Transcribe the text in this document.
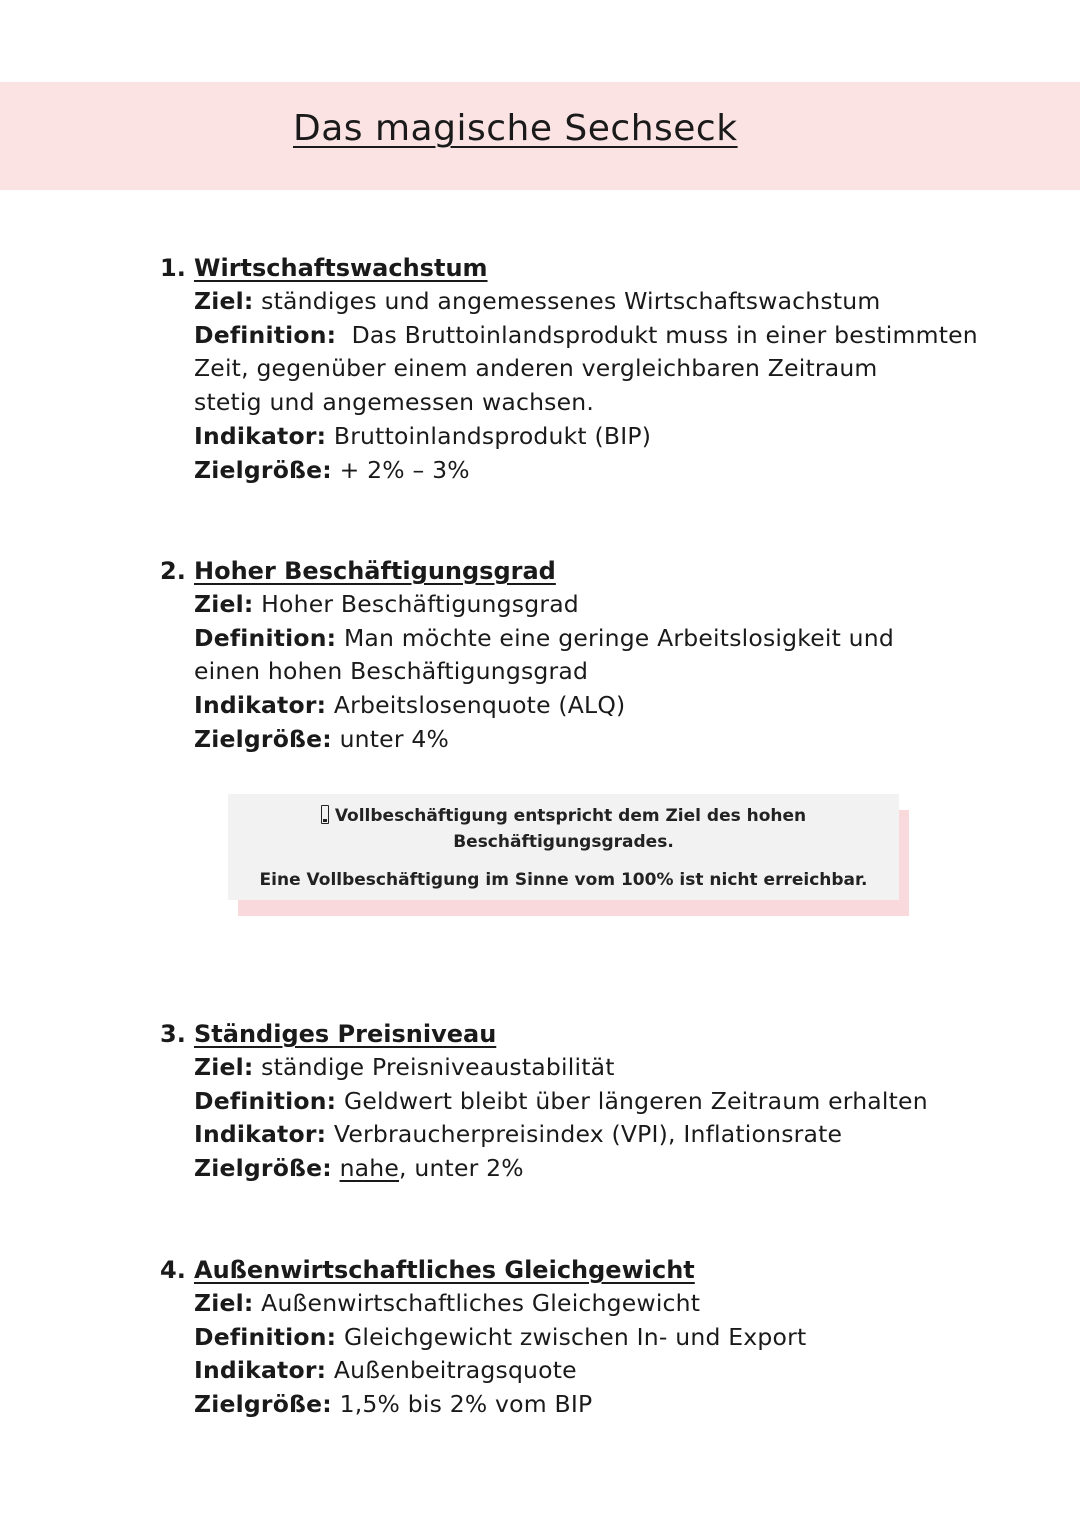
Das magische Sechseck
1. Wirtschaftswachstum
Ziel: ständiges und angemessenes Wirtschaftswachstum
Definition: Das Bruttoinlandsprodukt muss in einer bestimmten
Zeit, gegenüber einem anderen vergleichbaren Zeitraum
stetig und angemessen wachsen.
Indikator: Bruttoinlandsprodukt (BIP)
Zielgröße: + 2% – 3%
2. Hoher Beschäftigungsgrad
Ziel: Hoher Beschäftigungsgrad
Definition: Man möchte eine geringe Arbeitslosigkeit und
einen hohen Beschäftigungsgrad
Indikator: Arbeitslosenquote (ALQ)
Zielgröße: unter 4%

Vollbeschäftigung entspricht dem Ziel des hohen
Beschäftigungsgrades.

Eine Vollbeschäftigung im Sinne vom 100% ist nicht erreichbar.

3. Ständiges Preisniveau
Ziel: ständige Preisniveaustabilität
Definition: Geldwert bleibt über längeren Zeitraum erhalten
Indikator: Verbraucherpreisindex (VPI), Inflationsrate
Zielgröße: nahe, unter 2%
4. Außenwirtschaftliches Gleichgewicht
Ziel: Außenwirtschaftliches Gleichgewicht
Definition: Gleichgewicht zwischen In- und Export
Indikator: Außenbeitragsquote
Zielgröße: 1,5% bis 2% vom BIP
